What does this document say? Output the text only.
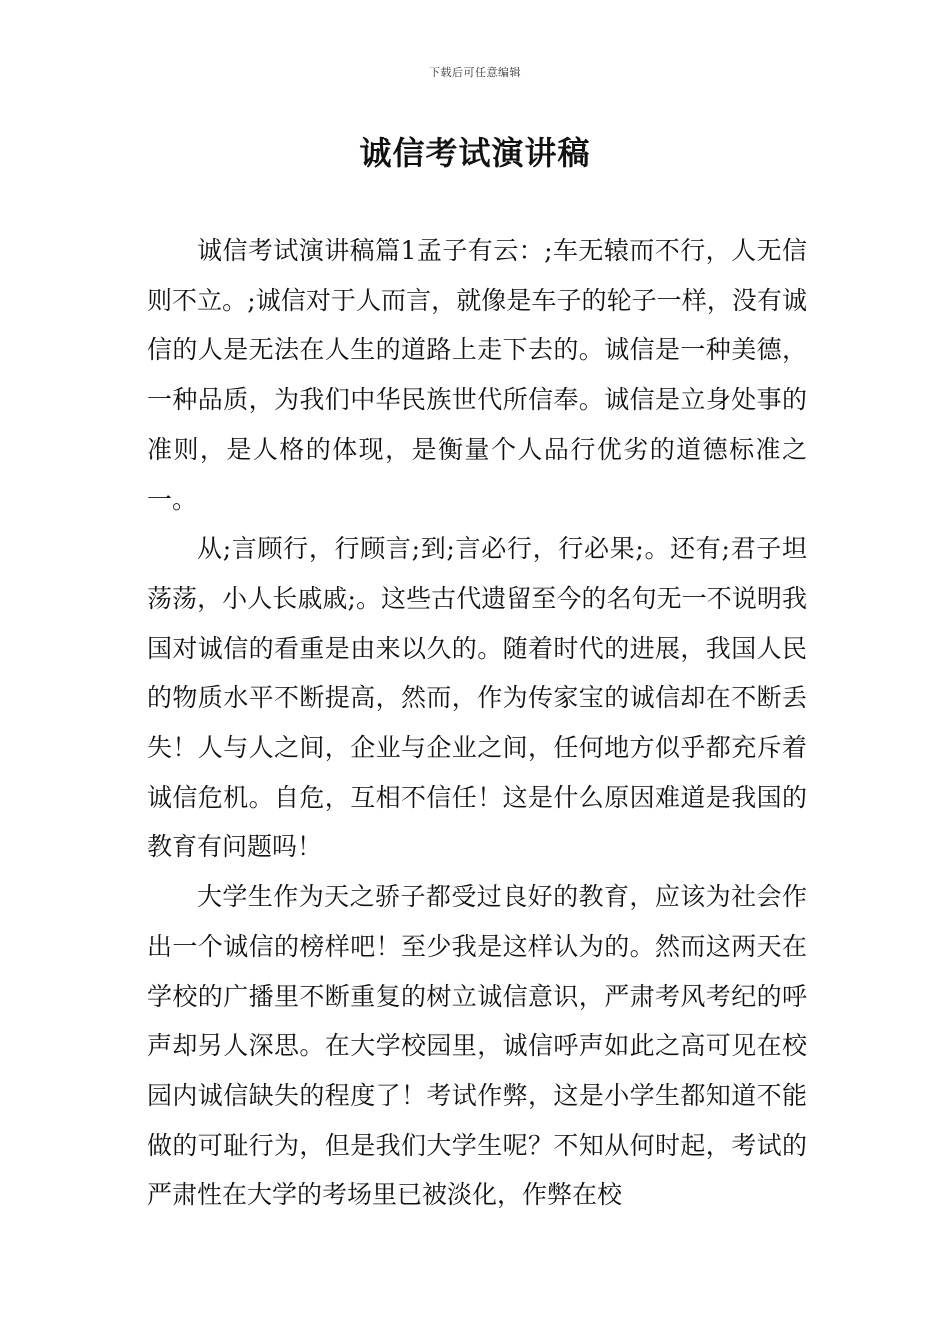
下载后可任意编辑
诚信考试演讲稿

诚信考试演讲稿篇1孟子有云：;车无辕而不行，人无信则不立。;诚信对于人而言，就像是车子的轮子一样，没有诚信的人是无法在人生的道路上走下去的。诚信是一种美德，一种品质，为我们中华民族世代所信奉。诚信是立身处事的准则，是人格的体现，是衡量个人品行优劣的道德标准之一。

从;言顾行，行顾言;到;言必行，行必果;。还有;君子坦荡荡，小人长戚戚;。这些古代遗留至今的名句无一不说明我国对诚信的看重是由来以久的。随着时代的进展，我国人民的物质水平不断提高，然而，作为传家宝的诚信却在不断丢失！人与人之间，企业与企业之间，任何地方似乎都充斥着诚信危机。自危，互相不信任！这是什么原因难道是我国的教育有问题吗！

大学生作为天之骄子都受过良好的教育，应该为社会作出一个诚信的榜样吧！至少我是这样认为的。然而这两天在学校的广播里不断重复的树立诚信意识，严肃考风考纪的呼声却另人深思。在大学校园里，诚信呼声如此之高可见在校园内诚信缺失的程度了！考试作弊，这是小学生都知道不能做的可耻行为，但是我们大学生呢？不知从何时起，考试的严肃性在大学的考场里已被淡化，作弊在校
